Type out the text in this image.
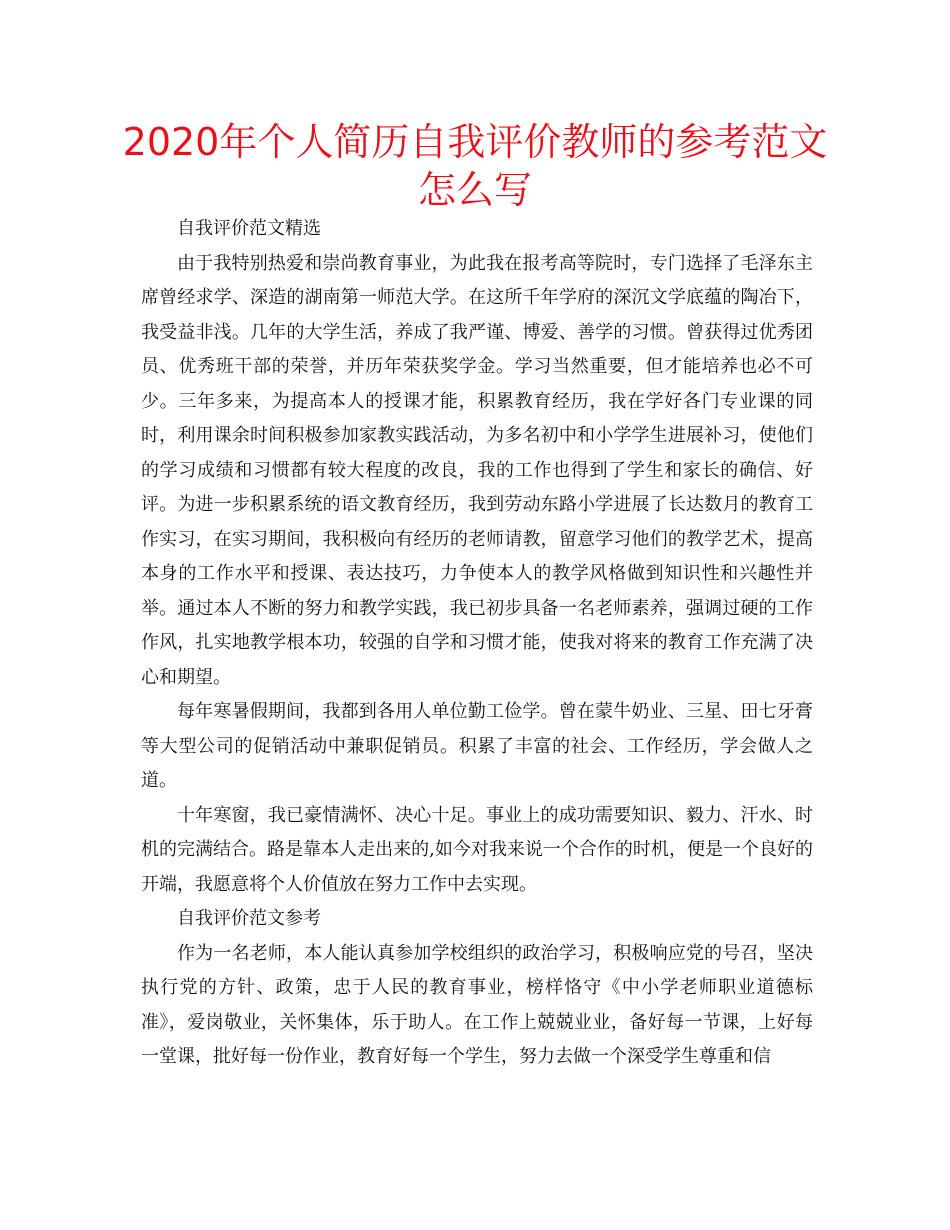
2020年个人简历自我评价教师的参考范文怎么写

自我评价范文精选

由于我特别热爱和崇尚教育事业，为此我在报考高等院时，专门选择了毛泽东主席曾经求学、深造的湖南第一师范大学。在这所千年学府的深沉文学底蕴的陶冶下，我受益非浅。几年的大学生活，养成了我严谨、博爱、善学的习惯。曾获得过优秀团员、优秀班干部的荣誉，并历年荣获奖学金。学习当然重要，但才能培养也必不可少。三年多来，为提高本人的授课才能，积累教育经历，我在学好各门专业课的同时，利用课余时间积极参加家教实践活动，为多名初中和小学学生进展补习，使他们的学习成绩和习惯都有较大程度的改良，我的工作也得到了学生和家长的确信、好评。为进一步积累系统的语文教育经历，我到劳动东路小学进展了长达数月的教育工作实习，在实习期间，我积极向有经历的老师请教，留意学习他们的教学艺术，提高本身的工作水平和授课、表达技巧，力争使本人的教学风格做到知识性和兴趣性并举。通过本人不断的努力和教学实践，我已初步具备一名老师素养，强调过硬的工作作风，扎实地教学根本功，较强的自学和习惯才能，使我对将来的教育工作充满了决心和期望。

每年寒暑假期间，我都到各用人单位勤工俭学。曾在蒙牛奶业、三星、田七牙膏等大型公司的促销活动中兼职促销员。积累了丰富的社会、工作经历，学会做人之道。

十年寒窗，我已豪情满怀、决心十足。事业上的成功需要知识、毅力、汗水、时机的完满结合。路是靠本人走出来的,如今对我来说一个合作的时机，便是一个良好的开端，我愿意将个人价值放在努力工作中去实现。

自我评价范文参考

作为一名老师，本人能认真参加学校组织的政治学习，积极响应党的号召，坚决执行党的方针、政策，忠于人民的教育事业，榜样恪守《中小学老师职业道德标准》，爱岗敬业，关怀集体，乐于助人。在工作上兢兢业业，备好每一节课，上好每一堂课，批好每一份作业，教育好每一个学生，努力去做一个深受学生尊重和信
